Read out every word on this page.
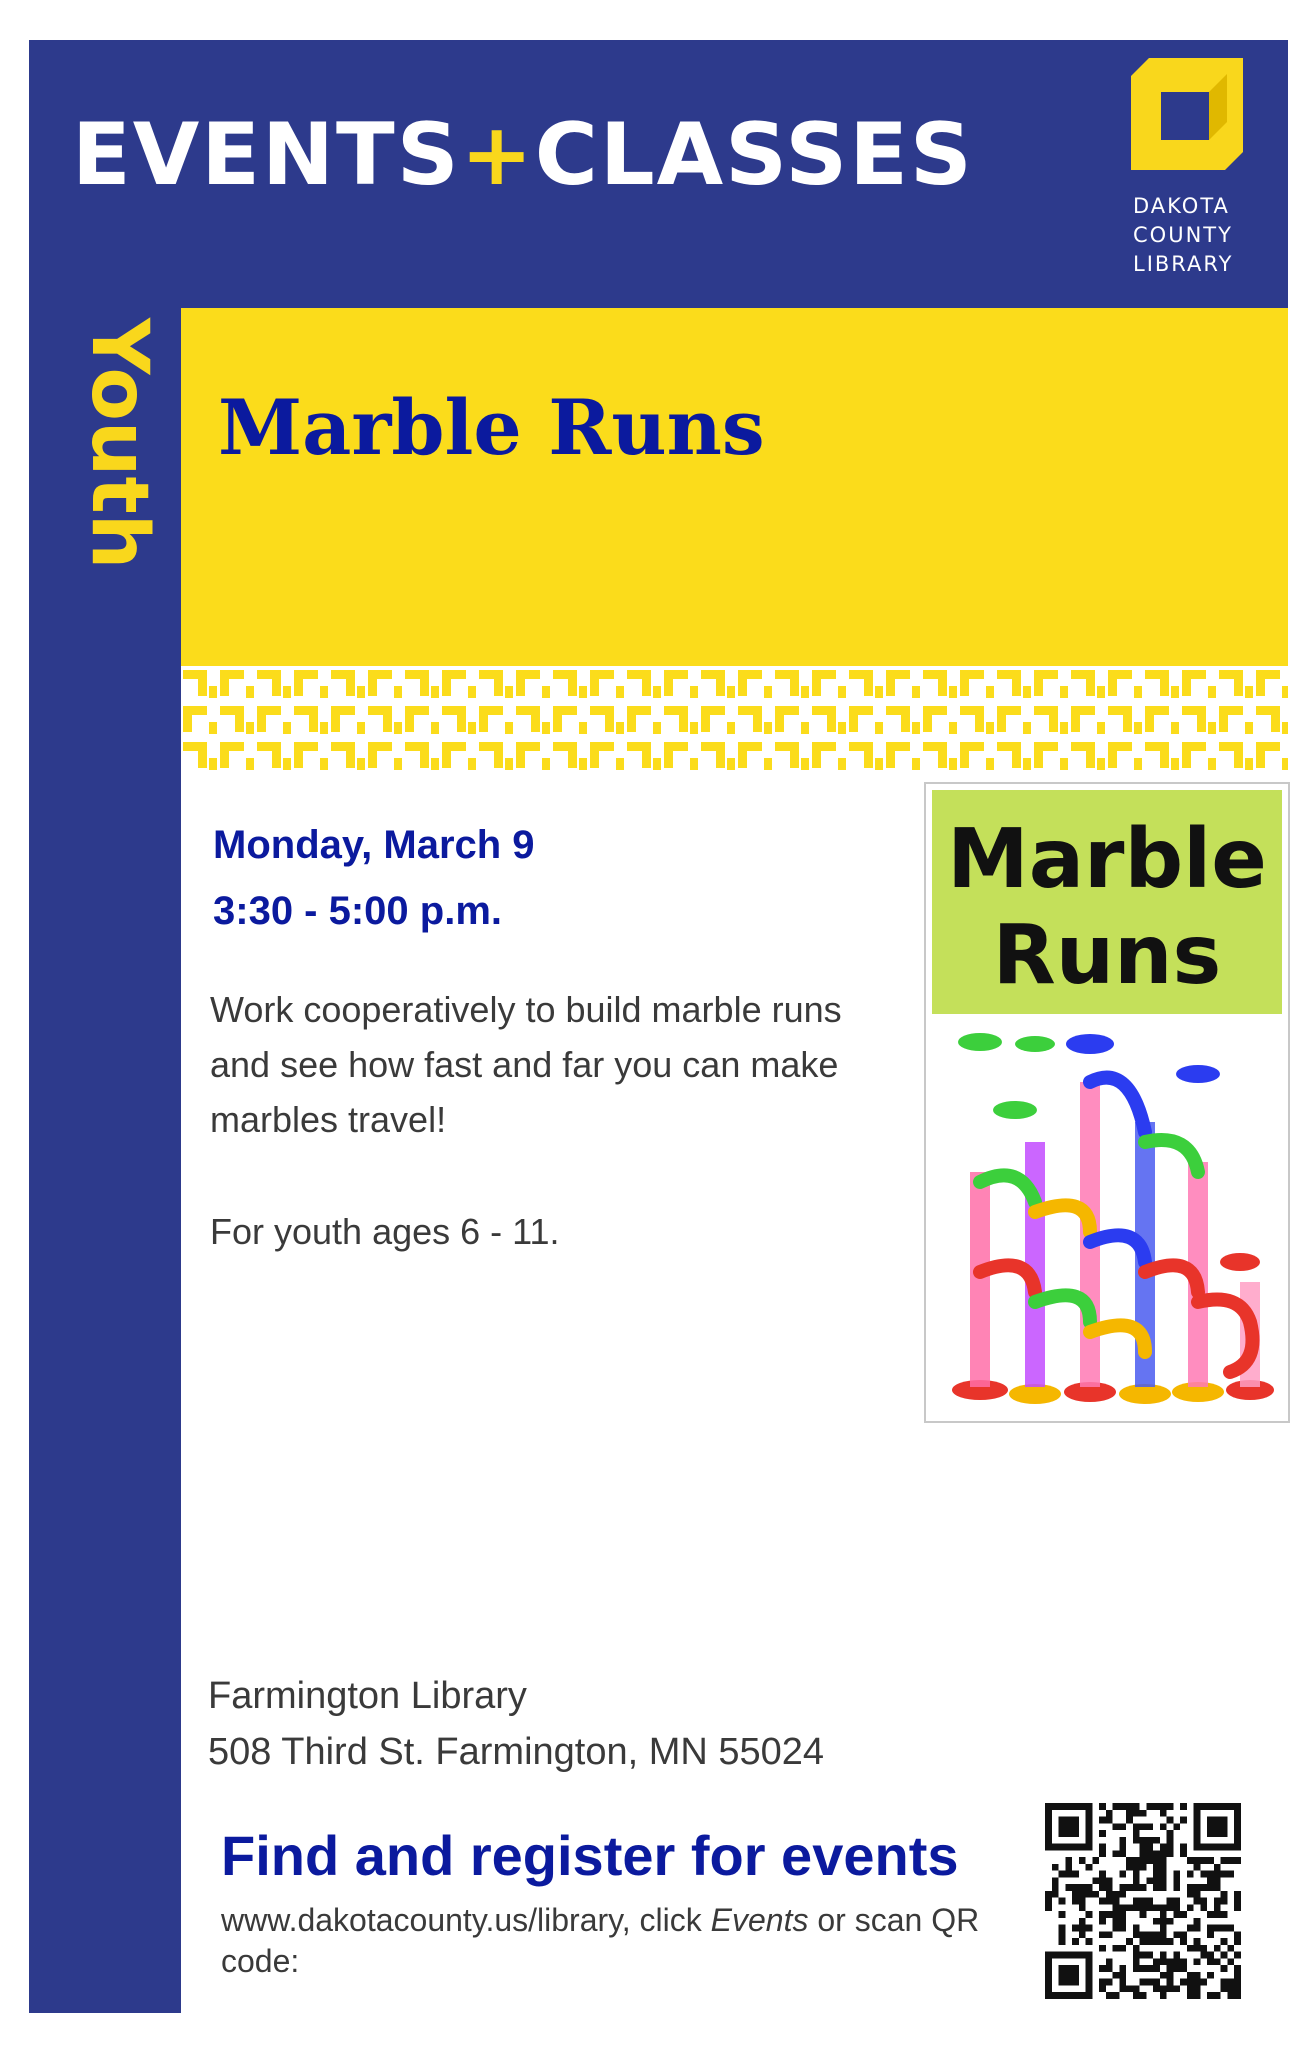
EVENTS+CLASSES
DAKOTA
COUNTY
LIBRARY
Youth Marble Runs
Monday, March 9
3:30 - 5:00 p.m.
Work cooperatively to build marble runs and see how fast and far you can make marbles travel!
For youth ages 6 - 11.
Marble
Runs
Farmington Library
508 Third St. Farmington, MN 55024
Find and register for events
www.dakotacounty.us/library, click Events or scan QR code:
